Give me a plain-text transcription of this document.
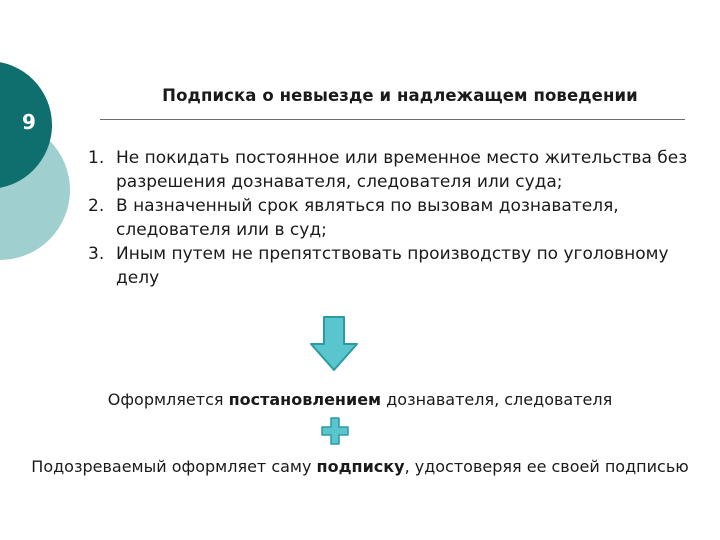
9
Подписка о невыезде и надлежащем поведении
1. Не покидать постоянное или временное место жительства без разрешения дознавателя, следователя или суда;
2. В назначенный срок являться по вызовам дознавателя, следователя или в суд;
3. Иным путем не препятствовать производству по уголовному делу
Оформляется постановлением дознавателя, следователя
Подозреваемый оформляет саму подписку, удостоверяя ее своей подписью
